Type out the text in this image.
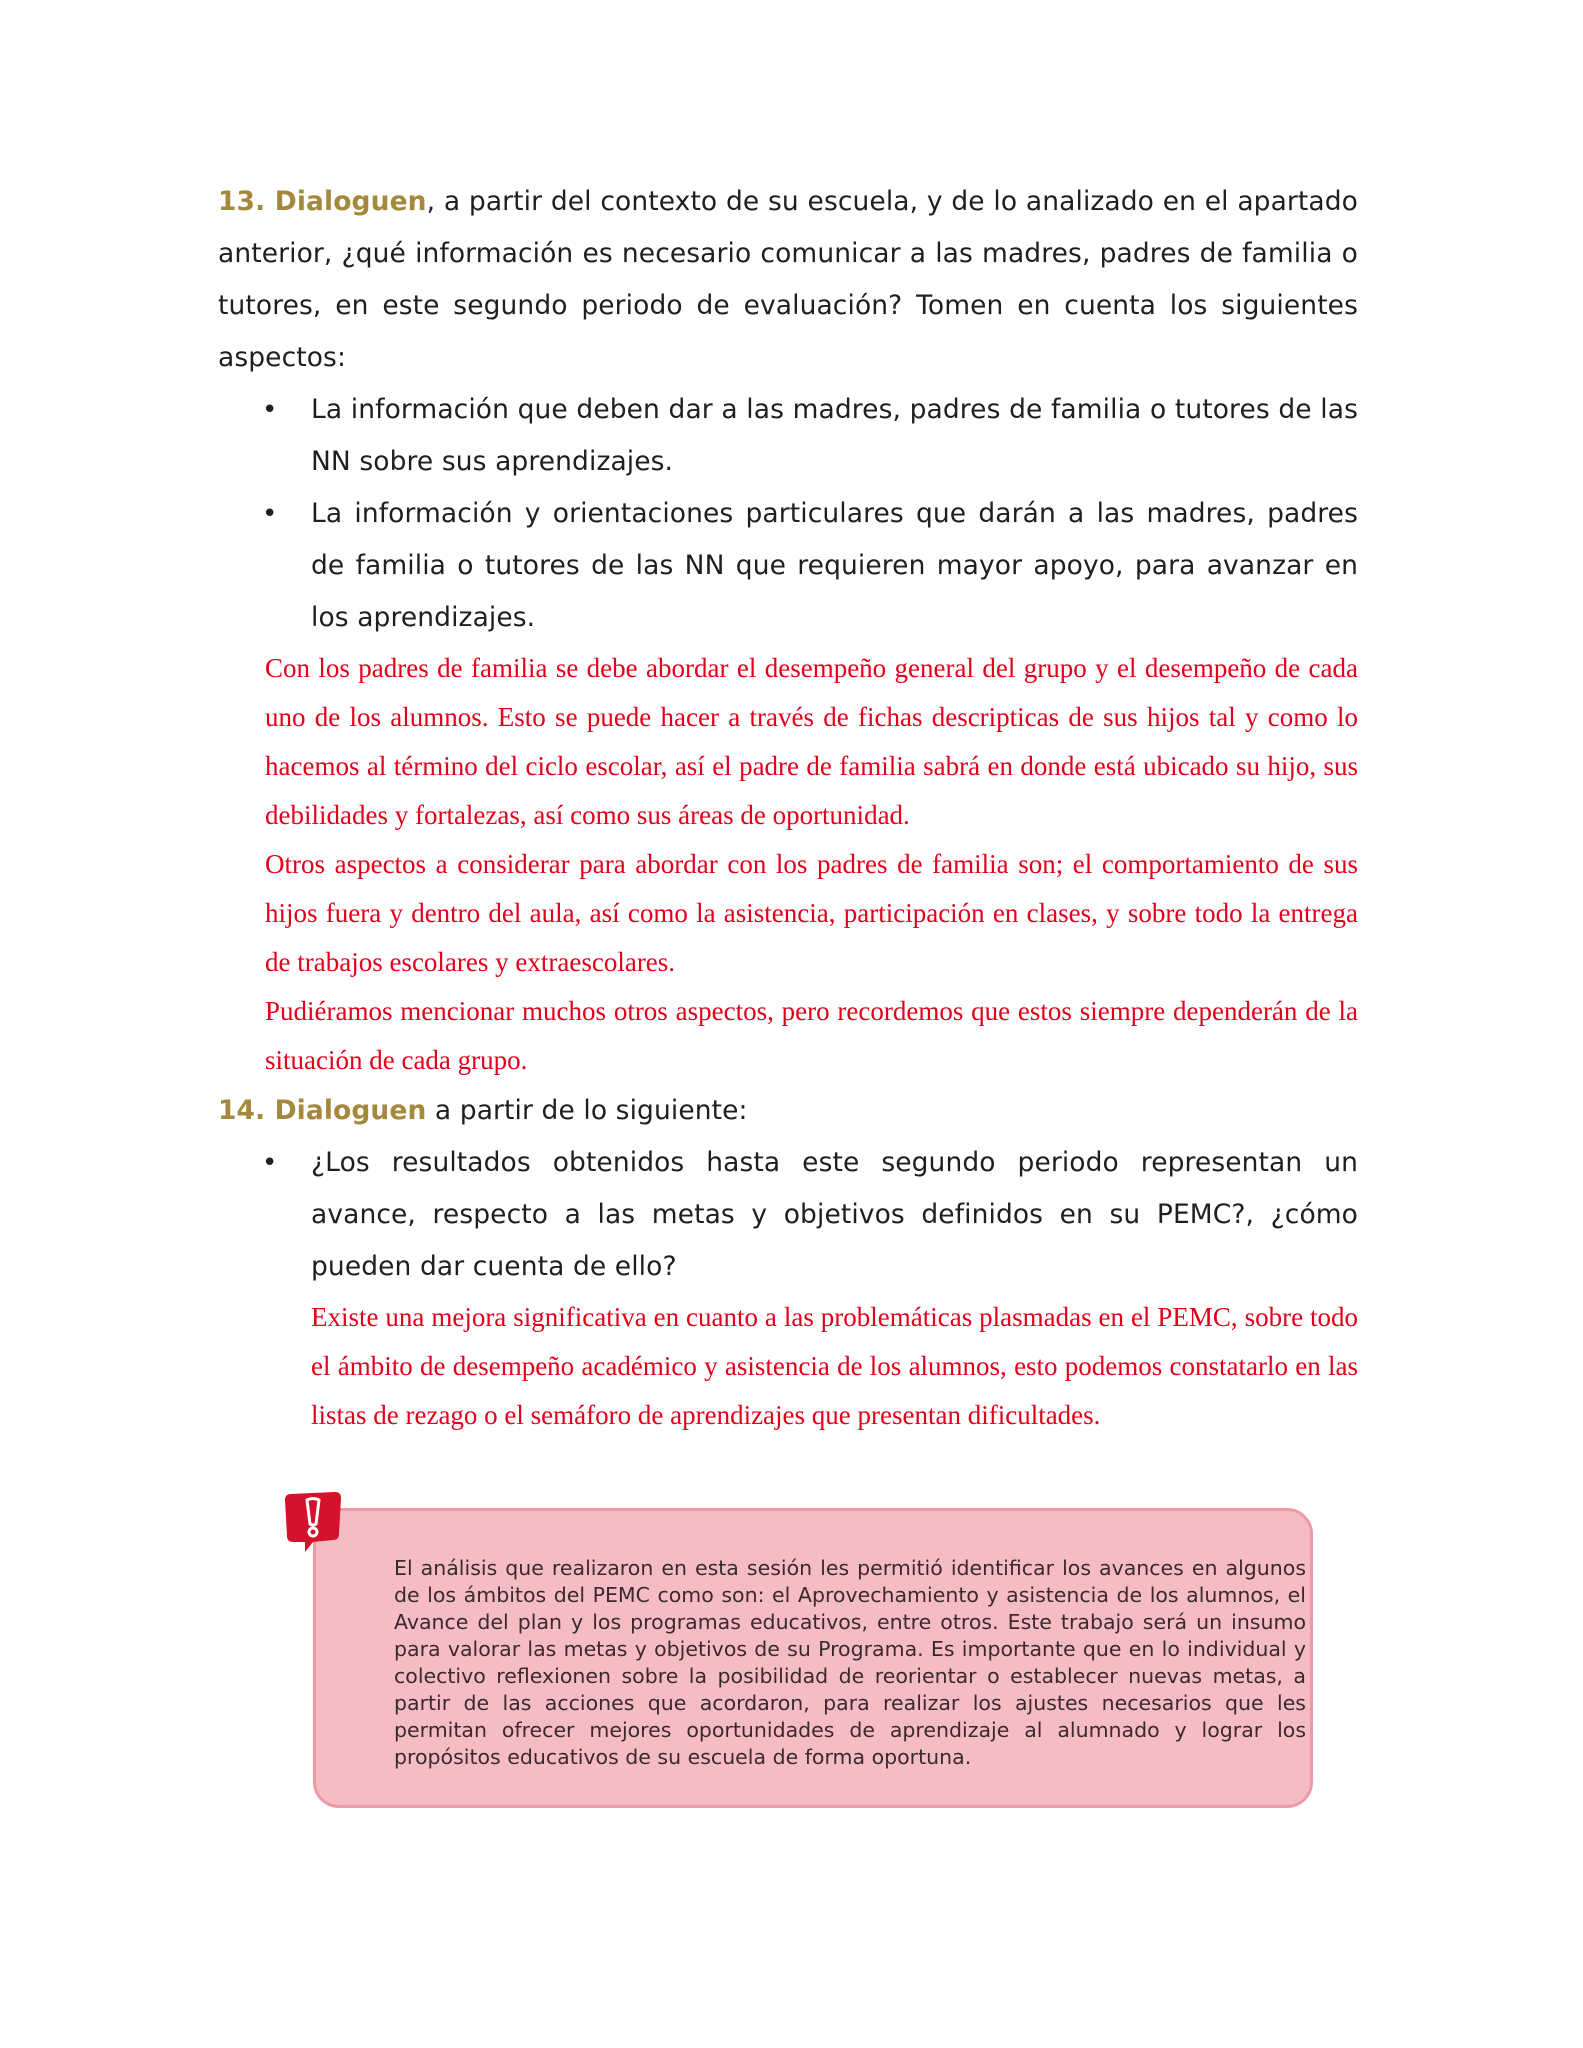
13. Dialoguen, a partir del contexto de su escuela, y de lo analizado en el apartado anterior, ¿qué información es necesario comunicar a las madres, padres de familia o tutores, en este segundo periodo de evaluación? Tomen en cuenta los siguientes aspectos:

• La información que deben dar a las madres, padres de familia o tutores de las NN sobre sus aprendizajes.
• La información y orientaciones particulares que darán a las madres, padres de familia o tutores de las NN que requieren mayor apoyo, para avanzar en los aprendizajes.

Con los padres de familia se debe abordar el desempeño general del grupo y el desempeño de cada uno de los alumnos. Esto se puede hacer a través de fichas descripticas de sus hijos tal y como lo hacemos al término del ciclo escolar, así el padre de familia sabrá en donde está ubicado su hijo, sus debilidades y fortalezas, así como sus áreas de oportunidad.

Otros aspectos a considerar para abordar con los padres de familia son; el comportamiento de sus hijos fuera y dentro del aula, así como la asistencia, participación en clases, y sobre todo la entrega de trabajos escolares y extraescolares.

Pudiéramos mencionar muchos otros aspectos, pero recordemos que estos siempre dependerán de la situación de cada grupo.

14. Dialoguen a partir de lo siguiente:

• ¿Los resultados obtenidos hasta este segundo periodo representan un avance, respecto a las metas y objetivos definidos en su PEMC?, ¿cómo pueden dar cuenta de ello?

Existe una mejora significativa en cuanto a las problemáticas plasmadas en el PEMC, sobre todo el ámbito de desempeño académico y asistencia de los alumnos, esto podemos constatarlo en las listas de rezago o el semáforo de aprendizajes que presentan dificultades.

El análisis que realizaron en esta sesión les permitió identificar los avances en algunos de los ámbitos del PEMC como son: el Aprovechamiento y asistencia de los alumnos, el Avance del plan y los programas educativos, entre otros. Este trabajo será un insumo para valorar las metas y objetivos de su Programa. Es importante que en lo individual y colectivo reflexionen sobre la posibilidad de reorientar o establecer nuevas metas, a partir de las acciones que acordaron, para realizar los ajustes necesarios que les permitan ofrecer mejores oportunidades de aprendizaje al alumnado y lograr los propósitos educativos de su escuela de forma oportuna.
